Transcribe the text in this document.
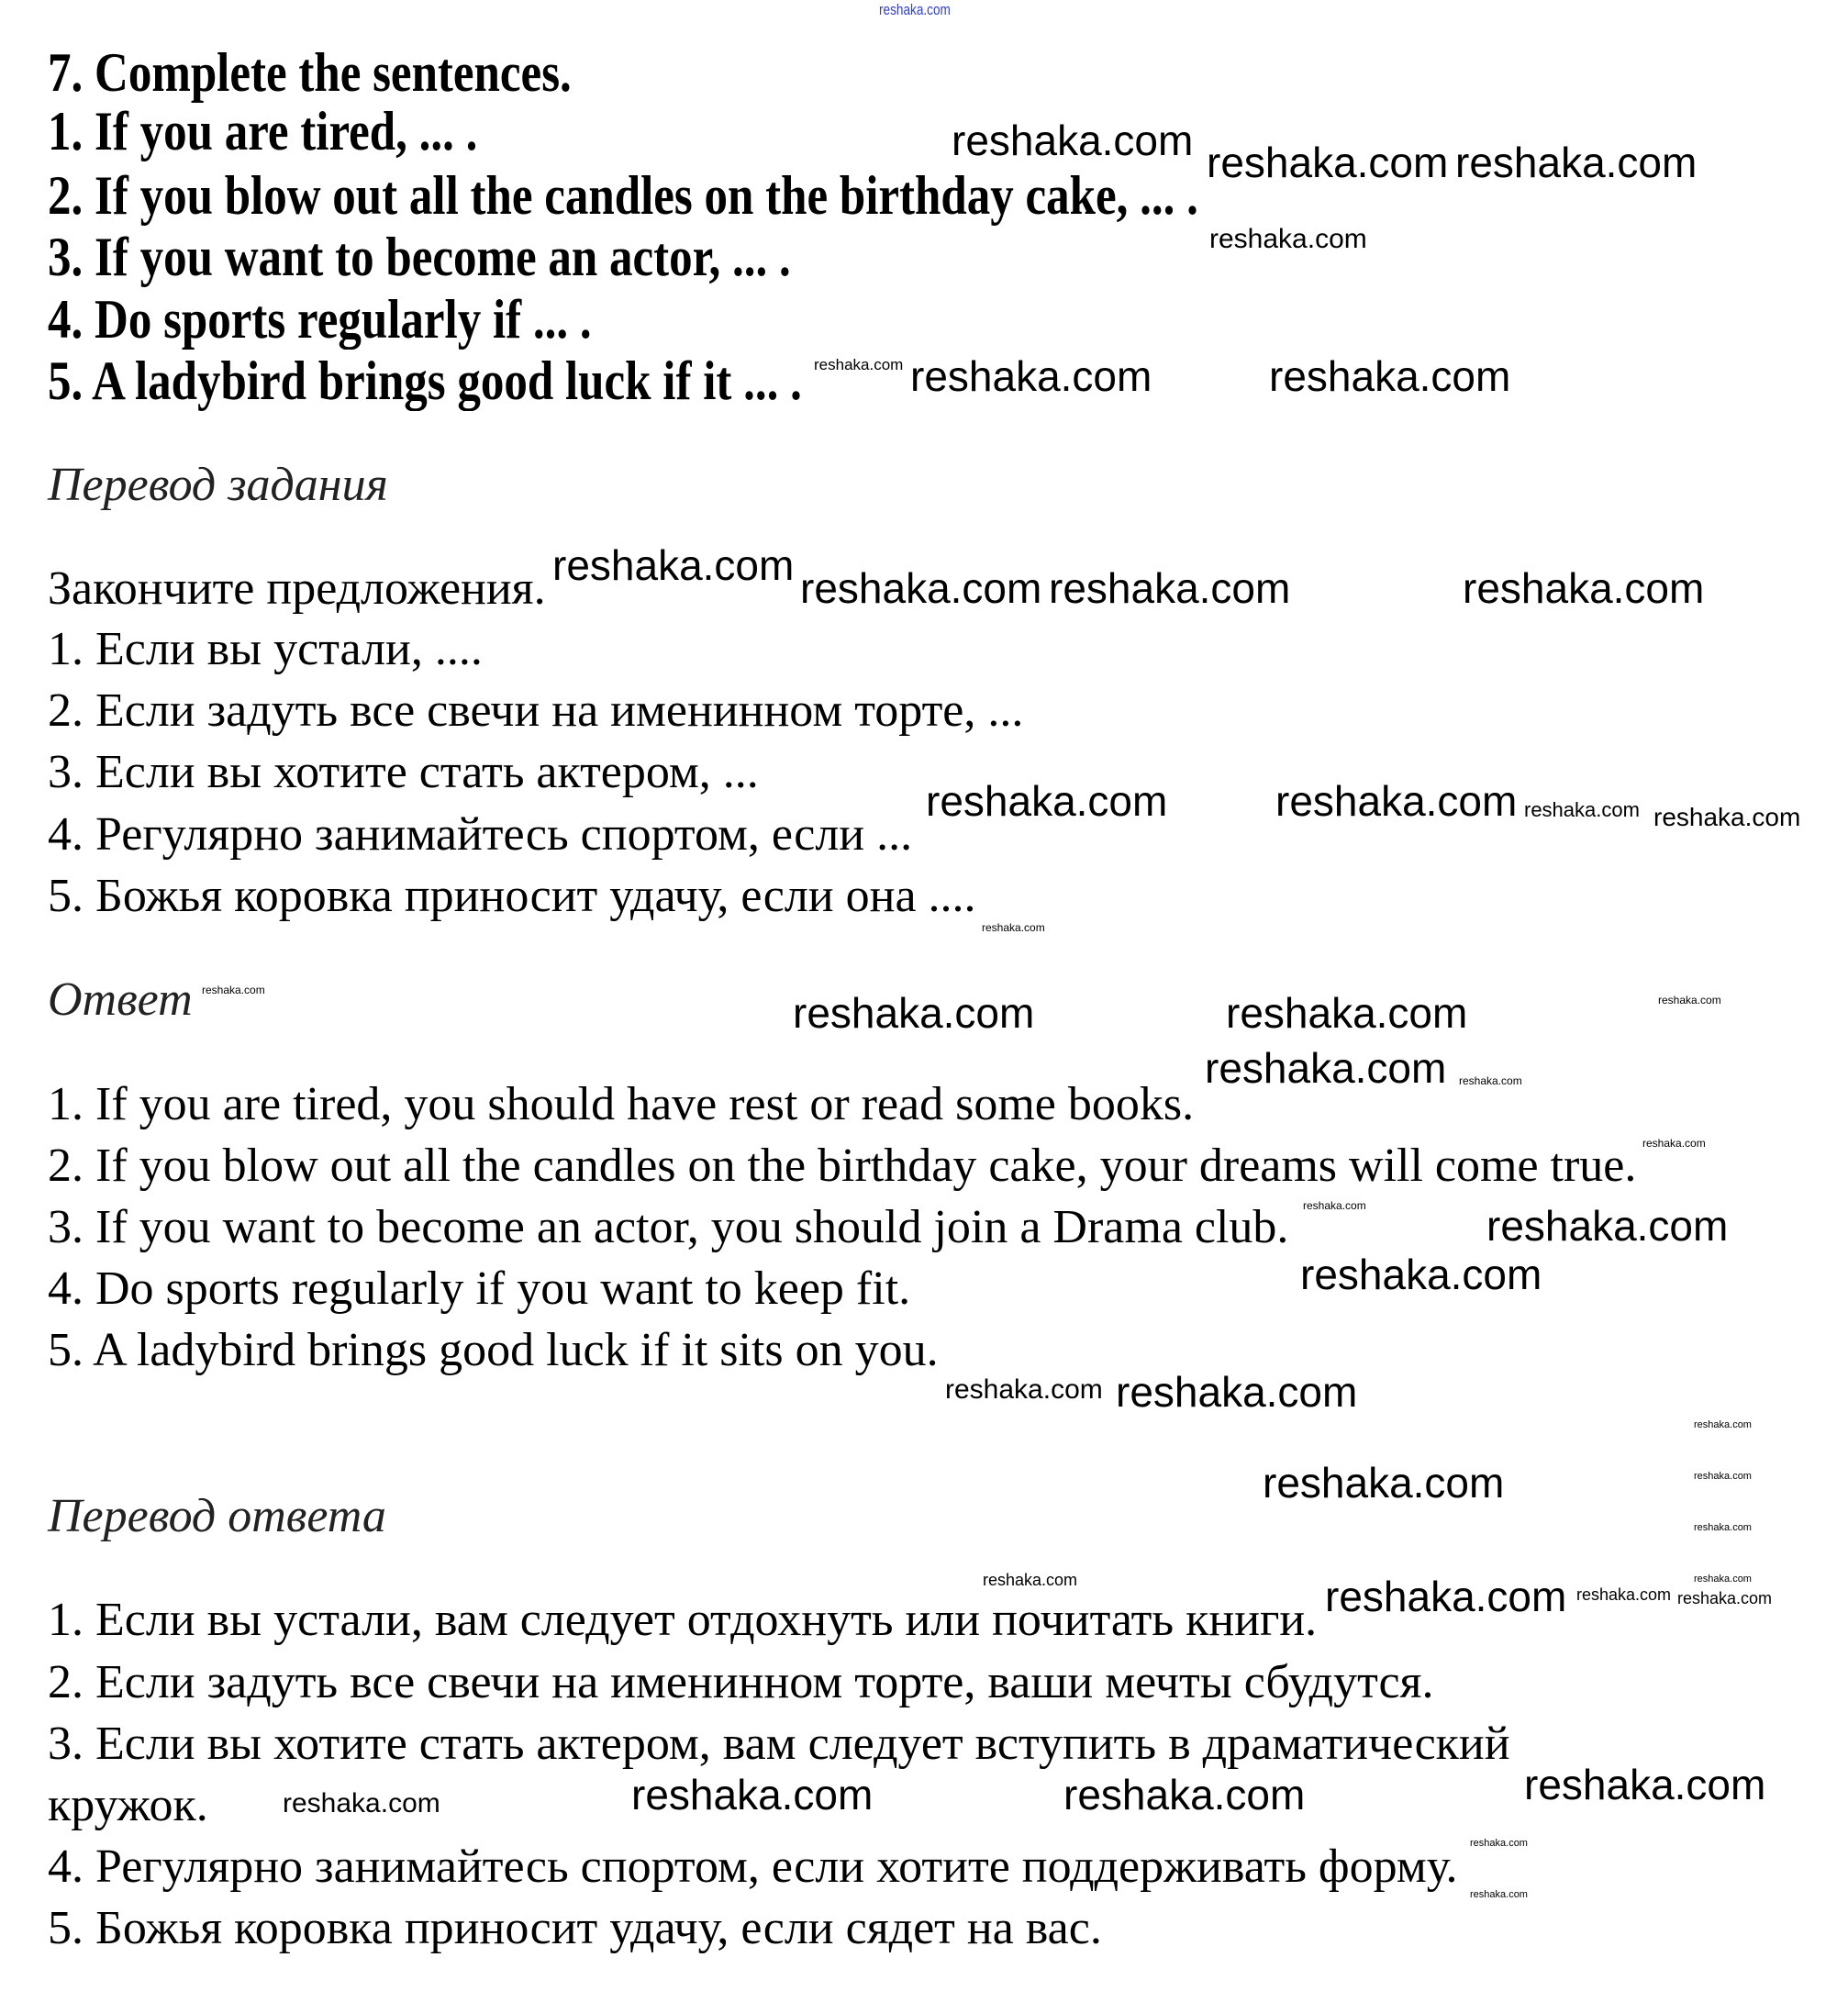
reshaka.com
7. Complete the sentences.
1. If you are tired, ... .
2. If you blow out all the candles on the birthday cake, ... .
3. If you want to become an actor, ... .
4. Do sports regularly if ... .
5. A ladybird brings good luck if it ... .
Перевод задания
Закончите предложения.
1. Если вы устали, ....
2. Если задуть все свечи на именинном торте, ...
3. Если вы хотите стать актером, ...
4. Регулярно занимайтесь спортом, если ...
5. Божья коровка приносит удачу, если она ....
Ответ
1. If you are tired, you should have rest or read some books.
2. If you blow out all the candles on the birthday cake, your dreams will come true.
3. If you want to become an actor, you should join a Drama club.
4. Do sports regularly if you want to keep fit.
5. A ladybird brings good luck if it sits on you.
Перевод ответа
1. Если вы устали, вам следует отдохнуть или почитать книги.
2. Если задуть все свечи на именинном торте, ваши мечты сбудутся.
3. Если вы хотите стать актером, вам следует вступить в драматический
кружок.
4. Регулярно занимайтесь спортом, если хотите поддерживать форму.
5. Божья коровка приносит удачу, если сядет на вас.
reshaka.com reshaka.com
reshaka.com
reshaka.com
reshaka.com reshaka.com	reshaka.com
reshaka.com reshaka.com reshaka.com	reshaka.com
reshaka.com	reshaka.com reshaka.com reshaka.com
reshaka.com
reshaka.com
reshaka.com
reshaka.com	reshaka.com
reshaka.com reshaka.com
reshaka.com
reshaka.com	reshaka.com
reshaka.com
reshaka.com reshaka.com
reshaka.com
reshaka.com
reshaka.com
reshaka.com
reshaka.com
reshaka.com reshaka.com reshaka.com
reshaka.com
reshaka.com	reshaka.com	reshaka.com
reshaka.com
reshaka.com
reshaka.com
